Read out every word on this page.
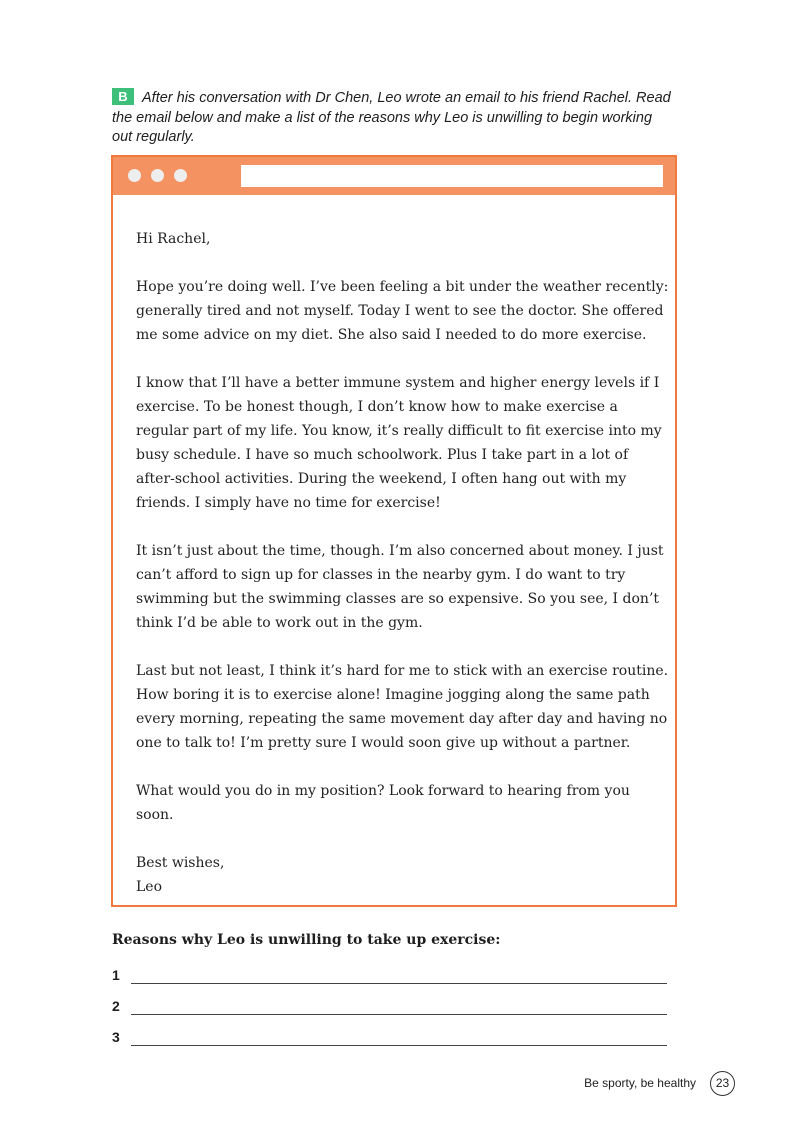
B After his conversation with Dr Chen, Leo wrote an email to his friend Rachel. Read the email below and make a list of the reasons why Leo is unwilling to begin working out regularly.

Hi Rachel,

Hope you’re doing well. I’ve been feeling a bit under the weather recently: generally tired and not myself. Today I went to see the doctor. She offered me some advice on my diet. She also said I needed to do more exercise.

I know that I’ll have a better immune system and higher energy levels if I exercise. To be honest though, I don’t know how to make exercise a regular part of my life. You know, it’s really difficult to fit exercise into my busy schedule. I have so much schoolwork. Plus I take part in a lot of after-school activities. During the weekend, I often hang out with my friends. I simply have no time for exercise!

It isn’t just about the time, though. I’m also concerned about money. I just can’t afford to sign up for classes in the nearby gym. I do want to try swimming but the swimming classes are so expensive. So you see, I don’t think I’d be able to work out in the gym.

Last but not least, I think it’s hard for me to stick with an exercise routine. How boring it is to exercise alone! Imagine jogging along the same path every morning, repeating the same movement day after day and having no one to talk to! I’m pretty sure I would soon give up without a partner.

What would you do in my position? Look forward to hearing from you soon.

Best wishes,

Leo

Reasons why Leo is unwilling to take up exercise:
1
2
3
Be sporty, be healthy	23
